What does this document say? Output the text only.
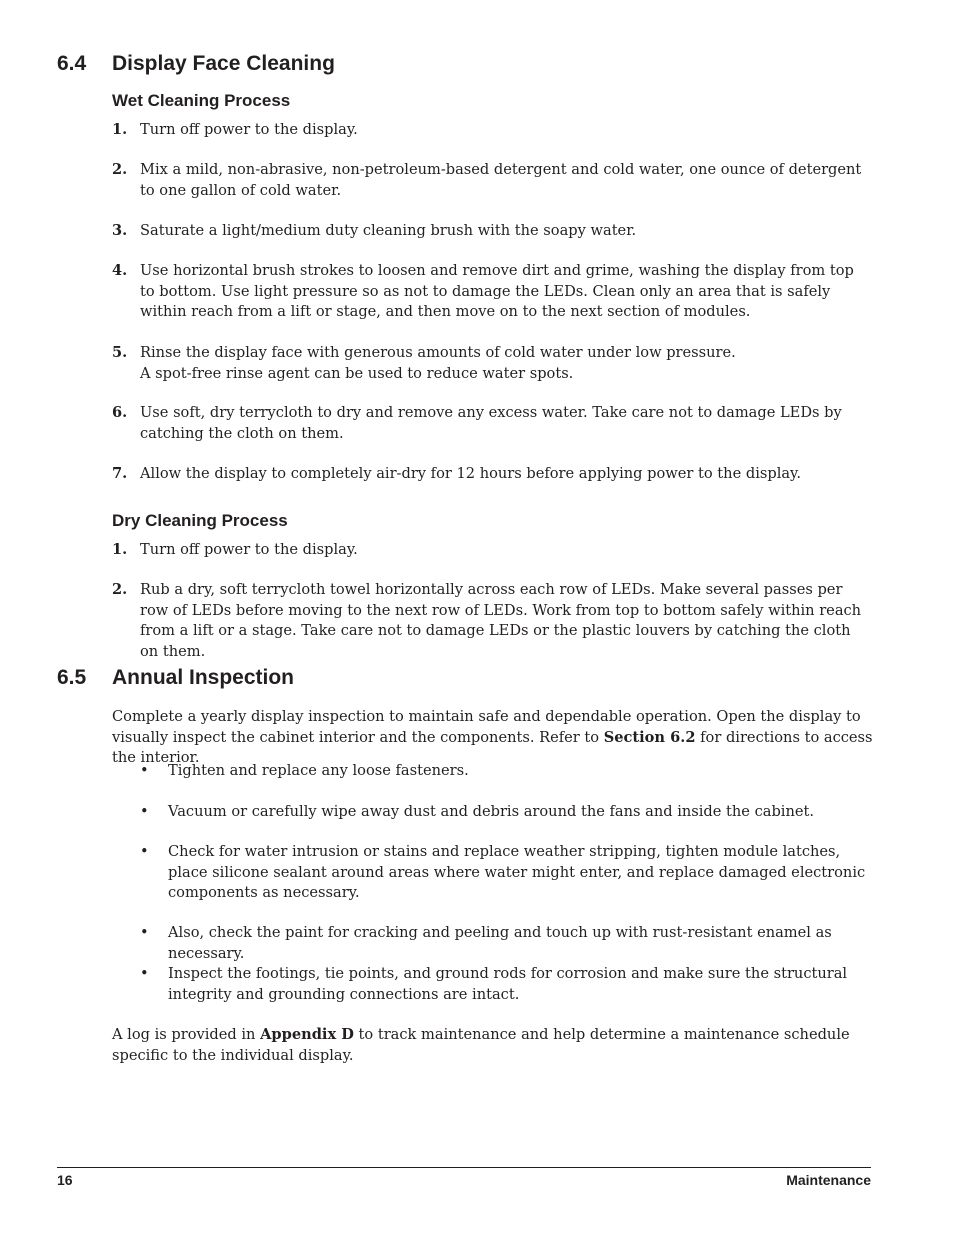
6.4 Display Face Cleaning
Wet Cleaning Process
1. Turn off power to the display.
2. Mix a mild, non-abrasive, non-petroleum-based detergent and cold water, one ounce of detergent to one gallon of cold water.
3. Saturate a light/medium duty cleaning brush with the soapy water.
4. Use horizontal brush strokes to loosen and remove dirt and grime, washing the display from top to bottom. Use light pressure so as not to damage the LEDs. Clean only an area that is safely within reach from a lift or stage, and then move on to the next section of modules.
5. Rinse the display face with generous amounts of cold water under low pressure.
A spot-free rinse agent can be used to reduce water spots.
6. Use soft, dry terrycloth to dry and remove any excess water. Take care not to damage LEDs by catching the cloth on them.
7. Allow the display to completely air-dry for 12 hours before applying power to the display.
Dry Cleaning Process
1. Turn off power to the display.
2. Rub a dry, soft terrycloth towel horizontally across each row of LEDs. Make several passes per row of LEDs before moving to the next row of LEDs. Work from top to bottom safely within reach from a lift or a stage. Take care not to damage LEDs or the plastic louvers by catching the cloth on them.
6.5 Annual Inspection
Complete a yearly display inspection to maintain safe and dependable operation. Open the display to visually inspect the cabinet interior and the components. Refer to Section 6.2 for directions to access the interior.
• Tighten and replace any loose fasteners.
• Vacuum or carefully wipe away dust and debris around the fans and inside the cabinet.
• Check for water intrusion or stains and replace weather stripping, tighten module latches, place silicone sealant around areas where water might enter, and replace damaged electronic components as necessary.
• Also, check the paint for cracking and peeling and touch up with rust-resistant enamel as necessary.
• Inspect the footings, tie points, and ground rods for corrosion and make sure the structural integrity and grounding connections are intact.
A log is provided in Appendix D to track maintenance and help determine a maintenance schedule specific to the individual display.
16	Maintenance
